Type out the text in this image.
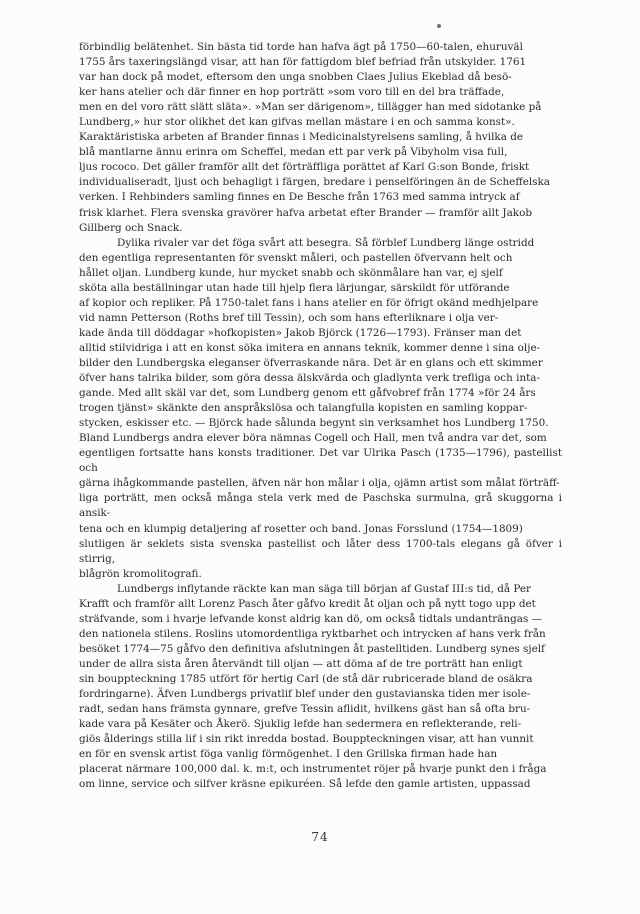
förbindlig belätenhet. Sin bästa tid torde han hafva ägt på 1750—60-talen, ehuruväl
1755 års taxeringslängd visar, att han för fattigdom blef befriad från utskylder. 1761
var han dock på modet, eftersom den unga snobben Claes Julius Ekeblad då besö-
ker hans atelier och där finner en hop porträtt »som voro till en del bra träffade,
men en del voro rätt slätt släta». »Man ser därigenom», tillägger han med sidotanke på
Lundberg,» hur stor olikhet det kan gifvas mellan mästare i en och samma konst».
Karaktäristiska arbeten af Brander finnas i Medicinalstyrelsens samling, å hvilka de
blå mantlarne ännu erinra om Scheffel, medan ett par verk på Vibyholm visa full,
ljus rococo. Det gäller framför allt det förträffliga porättet af Karl G:son Bonde, friskt
individualiseradt, ljust och behagligt i färgen, bredare i penselföringen än de Scheffelska
verken. I Rehbinders samling finnes en De Besche från 1763 med samma intryck af
frisk klarhet. Flera svenska gravörer hafva arbetat efter Brander — framför allt Jakob
Gillberg och Snack.

Dylika rivaler var det föga svårt att besegra. Så förblef Lundberg länge ostridd
den egentliga representanten för svenskt måleri, och pastellen öfvervann helt och
hållet oljan. Lundberg kunde, hur mycket snabb och skönmålare han var, ej sjelf
sköta alla beställningar utan hade till hjelp flera lärjungar, särskildt för utförande
af kopior och repliker. På 1750-talet fans i hans atelier en för öfrigt okänd medhjelpare
vid namn Petterson (Roths bref till Tessin), och som hans efterliknare i olja ver-
kade ända till döddagar »hofkopisten» Jakob Björck (1726—1793). Fränser man det
alltid stilvidriga i att en konst söka imitera en annans teknik, kommer denne i sina olje-
bilder den Lundbergska eleganser öfverraskande nära. Det är en glans och ett skimmer
öfver hans talrika bilder, som göra dessa älskvärda och gladlynta verk trefliga och inta-
gande. Med allt skäl var det, som Lundberg genom ett gåfvobref från 1774 »för 24 års
trogen tjänst» skänkte den anspråkslösa och talangfulla kopisten en samling koppar-
stycken, eskisser etc. — Björck hade sålunda begynt sin verksamhet hos Lundberg 1750.
Bland Lundbergs andra elever böra nämnas Cogell och Hall, men två andra var det, som
egentligen fortsatte hans konsts traditioner. Det var Ulrika Pasch (1735—1796), pastellist och
gärna ihågkommande pastellen, äfven när hon målar i olja, ojämn artist som målat förträff-
liga porträtt, men också många stela verk med de Paschska surmulna, grå skuggorna i ansik-
tena och en klumpig detaljering af rosetter och band. Jonas Forsslund (1754—1809)
slutligen är seklets sista svenska pastellist och låter dess 1700-tals elegans gå öfver i stirrig,
blågrön kromolitografi.

Lundbergs inflytande räckte kan man säga till början af Gustaf III:s tid, då Per
Krafft och framför allt Lorenz Pasch åter gåfvo kredit åt oljan och på nytt togo upp det
sträfvande, som i hvarje lefvande konst aldrig kan dö, om också tidtals undanträngas —
den nationela stilens. Roslins utomordentliga ryktbarhet och intrycken af hans verk från
besöket 1774—75 gåfvo den definitiva afslutningen åt pastelltiden. Lundberg synes sjelf
under de allra sista åren återvändt till oljan — att döma af de tre porträtt han enligt
sin bouppteckning 1785 utfört för hertig Carl (de stå där rubricerade bland de osäkra
fordringarne). Äfven Lundbergs privatlif blef under den gustavianska tiden mer isole-
radt, sedan hans främsta gynnare, grefve Tessin aflidit, hvilkens gäst han så ofta bru-
kade vara på Kesäter och Åkerö. Sjuklig lefde han sedermera en reflekterande, reli-
giös ålderings stilla lif i sin rikt inredda bostad. Bouppteckningen visar, att han vunnit
en för en svensk artist föga vanlig förmögenhet. I den Grillska firman hade han
placerat närmare 100,000 dal. k. m:t, och instrumentet röjer på hvarje punkt den i fråga
om linne, service och silfver kräsne epikuréen. Så lefde den gamle artisten, uppassad

74
